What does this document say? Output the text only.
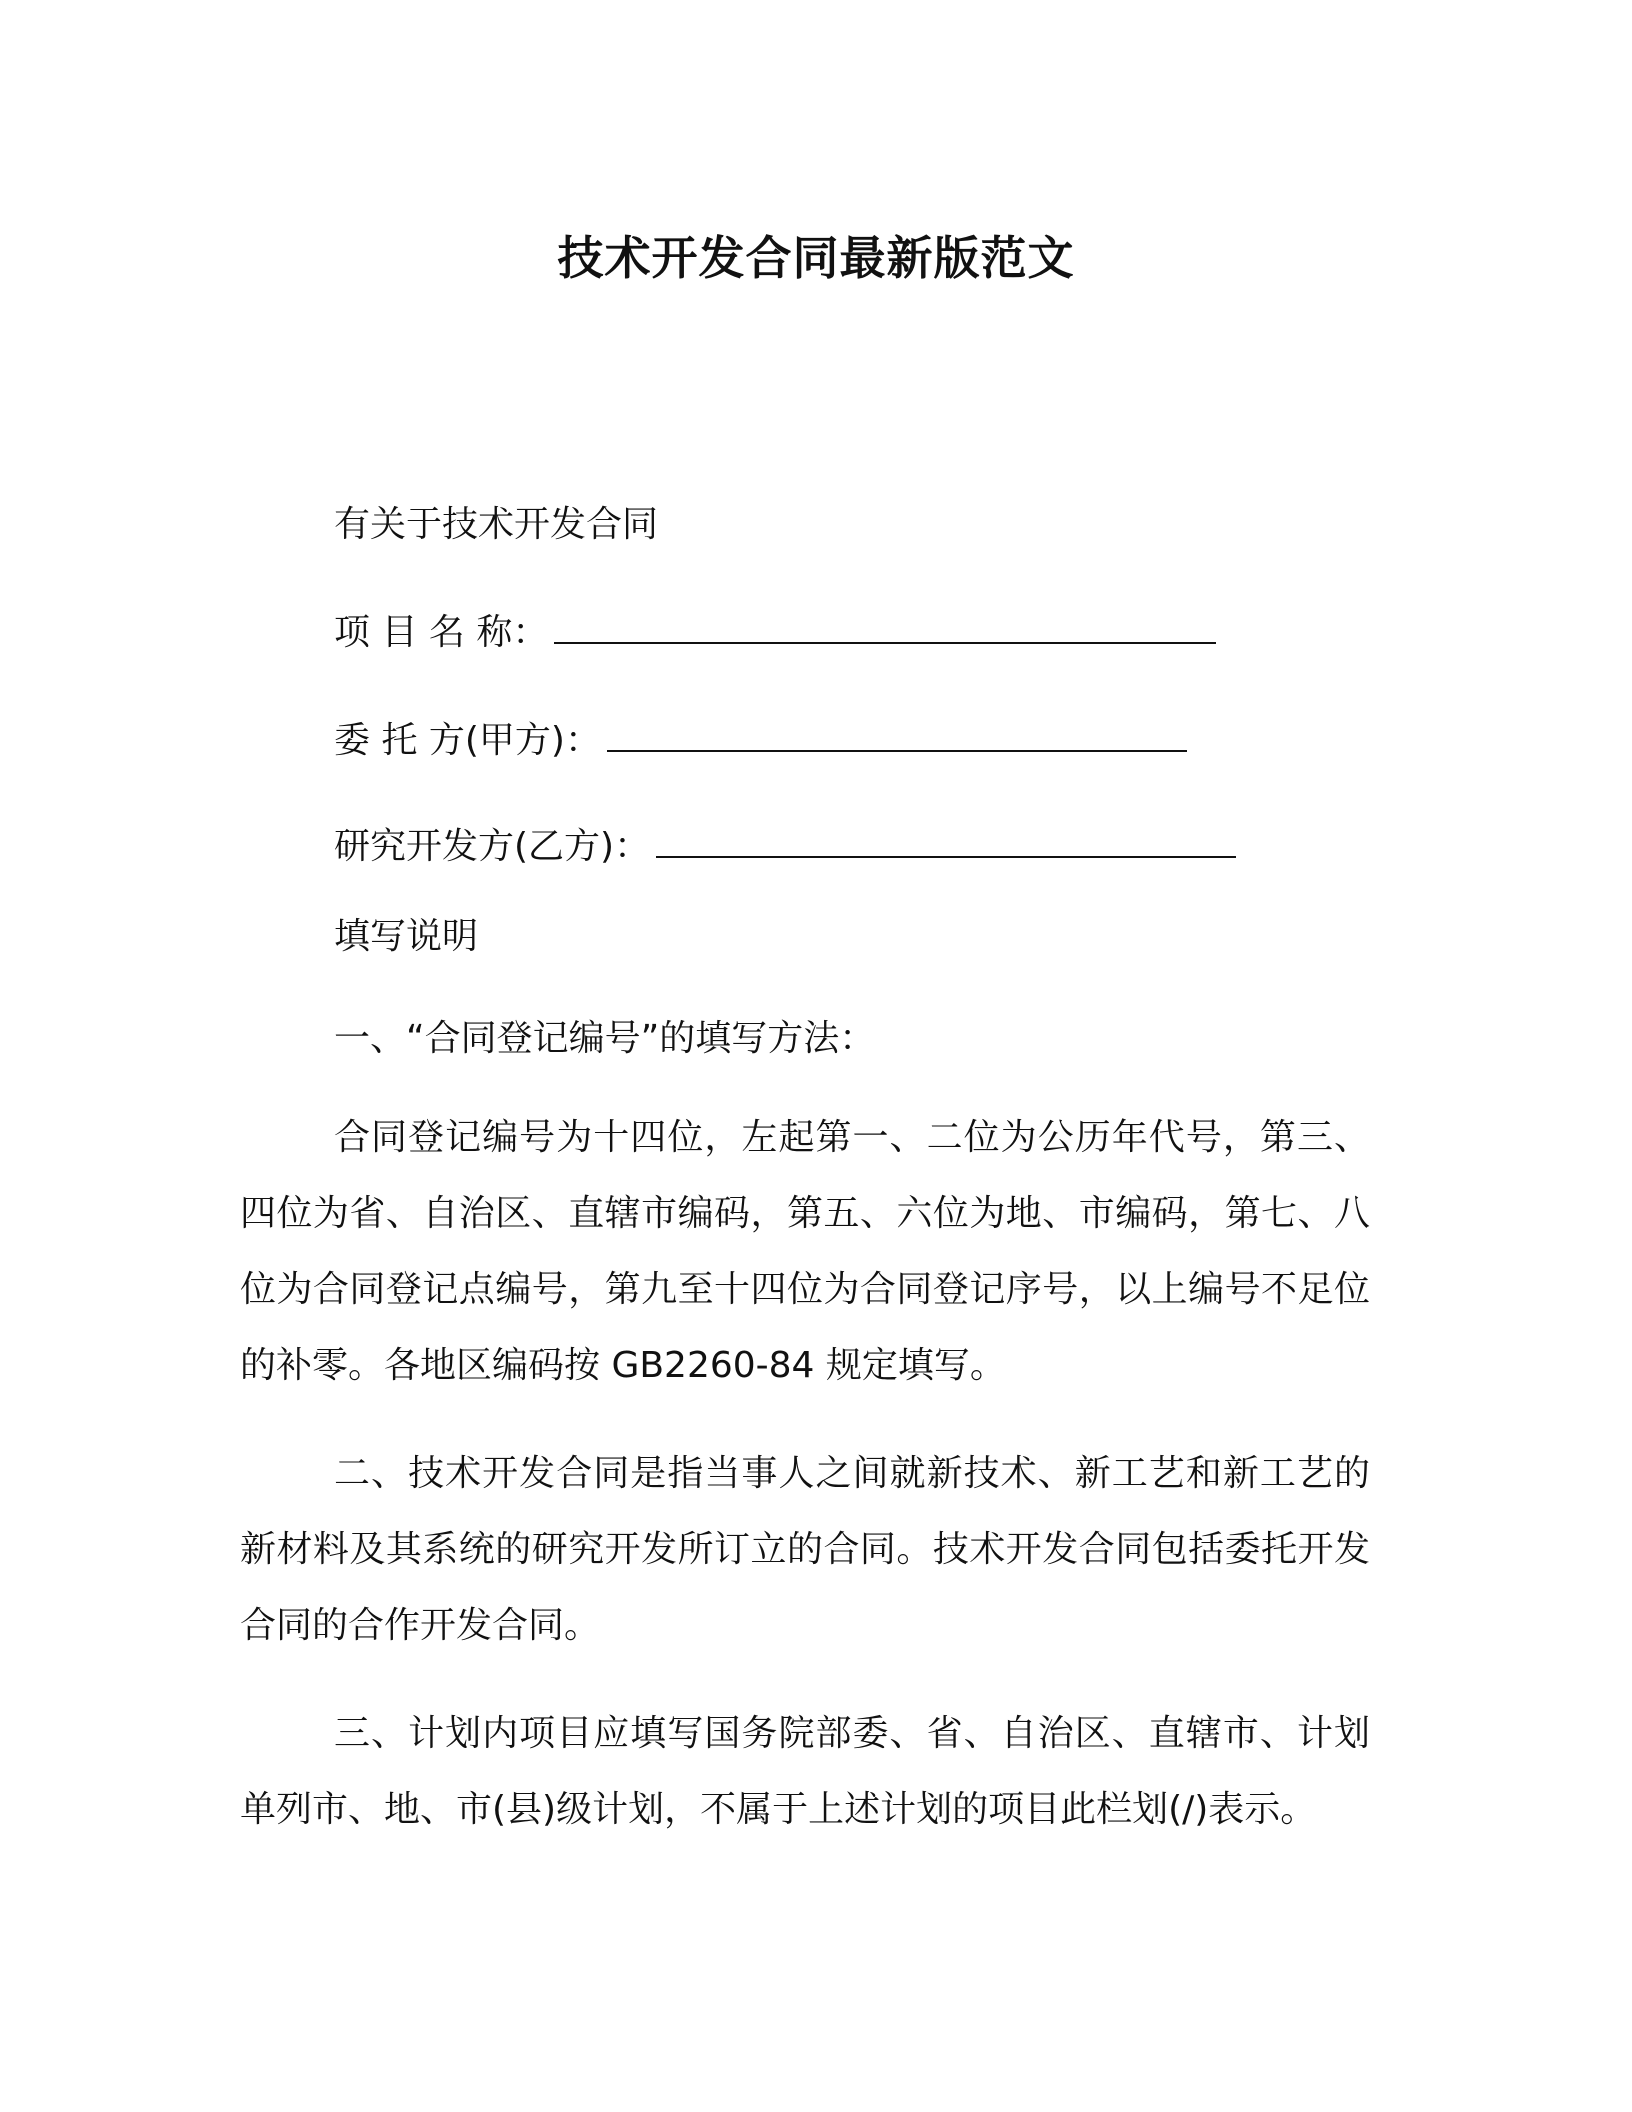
技术开发合同最新版范文
有关于技术开发合同
项 目 名 称：
委 托 方(甲方)：
研究开发方(乙方)：
填写说明
一、“合同登记编号”的填写方法：
合同登记编号为十四位，左起第一、二位为公历年代号，第三、四位为省、自治区、直辖市编码，第五、六位为地、市编码，第七、八位为合同登记点编号，第九至十四位为合同登记序号，以上编号不足位的补零。各地区编码按 GB2260-84 规定填写。
二、技术开发合同是指当事人之间就新技术、新工艺和新工艺的新材料及其系统的研究开发所订立的合同。技术开发合同包括委托开发合同的合作开发合同。
三、计划内项目应填写国务院部委、省、自治区、直辖市、计划单列市、地、市(县)级计划，不属于上述计划的项目此栏划(/)表示。
